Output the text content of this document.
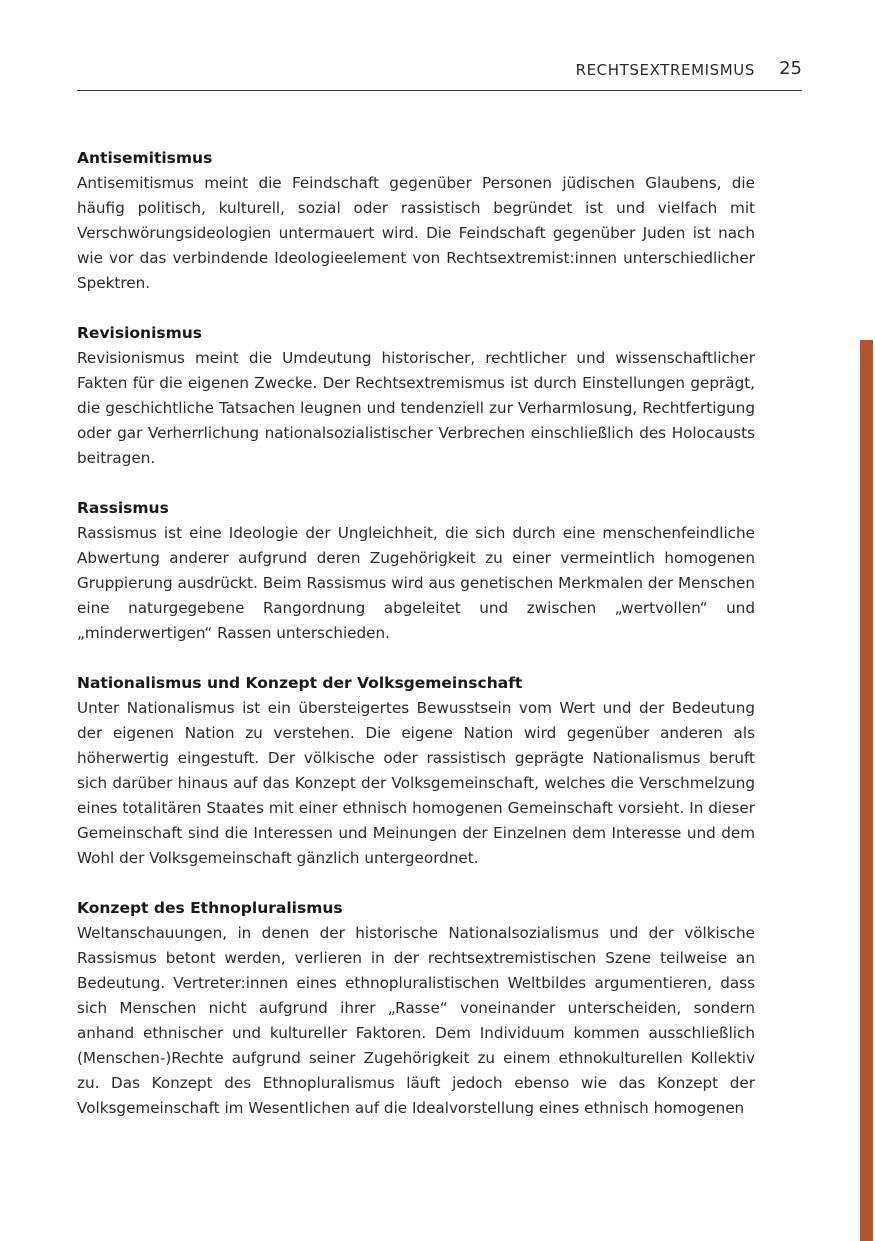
RECHTSEXTREMISMUS 25
Antisemitismus
Antisemitismus meint die Feindschaft gegenüber Personen jüdischen Glaubens, die häufig politisch, kulturell, sozial oder rassistisch begründet ist und vielfach mit Verschwörungsideologien untermauert wird. Die Feindschaft gegenüber Juden ist nach wie vor das verbindende Ideologieelement von Rechtsextremist:innen unterschiedlicher Spektren.
Revisionismus
Revisionismus meint die Umdeutung historischer, rechtlicher und wissenschaftlicher Fakten für die eigenen Zwecke. Der Rechtsextremismus ist durch Einstellungen geprägt, die geschichtliche Tatsachen leugnen und tendenziell zur Verharmlosung, Rechtfertigung oder gar Verherrlichung nationalsozialistischer Verbrechen einschließlich des Holocausts beitragen.
Rassismus
Rassismus ist eine Ideologie der Ungleichheit, die sich durch eine menschenfeindliche Abwertung anderer aufgrund deren Zugehörigkeit zu einer vermeintlich homogenen Gruppierung ausdrückt. Beim Rassismus wird aus genetischen Merkmalen der Menschen eine naturgegebene Rangordnung abgeleitet und zwischen „wertvollen“ und „minderwertigen“ Rassen unterschieden.
Nationalismus und Konzept der Volksgemeinschaft
Unter Nationalismus ist ein übersteigertes Bewusstsein vom Wert und der Bedeutung der eigenen Nation zu verstehen. Die eigene Nation wird gegenüber anderen als höherwertig eingestuft. Der völkische oder rassistisch geprägte Nationalismus beruft sich darüber hinaus auf das Konzept der Volksgemeinschaft, welches die Verschmelzung eines totalitären Staates mit einer ethnisch homogenen Gemeinschaft vorsieht. In dieser Gemeinschaft sind die Interessen und Meinungen der Einzelnen dem Interesse und dem Wohl der Volksgemeinschaft gänzlich untergeordnet.
Konzept des Ethnopluralismus
Weltanschauungen, in denen der historische Nationalsozialismus und der völkische Rassismus betont werden, verlieren in der rechtsextremistischen Szene teilweise an Bedeutung. Vertreter:innen eines ethnopluralistischen Weltbildes argumentieren, dass sich Menschen nicht aufgrund ihrer „Rasse“ voneinander unterscheiden, sondern anhand ethnischer und kultureller Faktoren. Dem Individuum kommen ausschließlich (Menschen-)Rechte aufgrund seiner Zugehörigkeit zu einem ethnokulturellen Kollektiv zu. Das Konzept des Ethnopluralismus läuft jedoch ebenso wie das Konzept der Volksgemeinschaft im Wesentlichen auf die Idealvorstellung eines ethnisch homogenen
